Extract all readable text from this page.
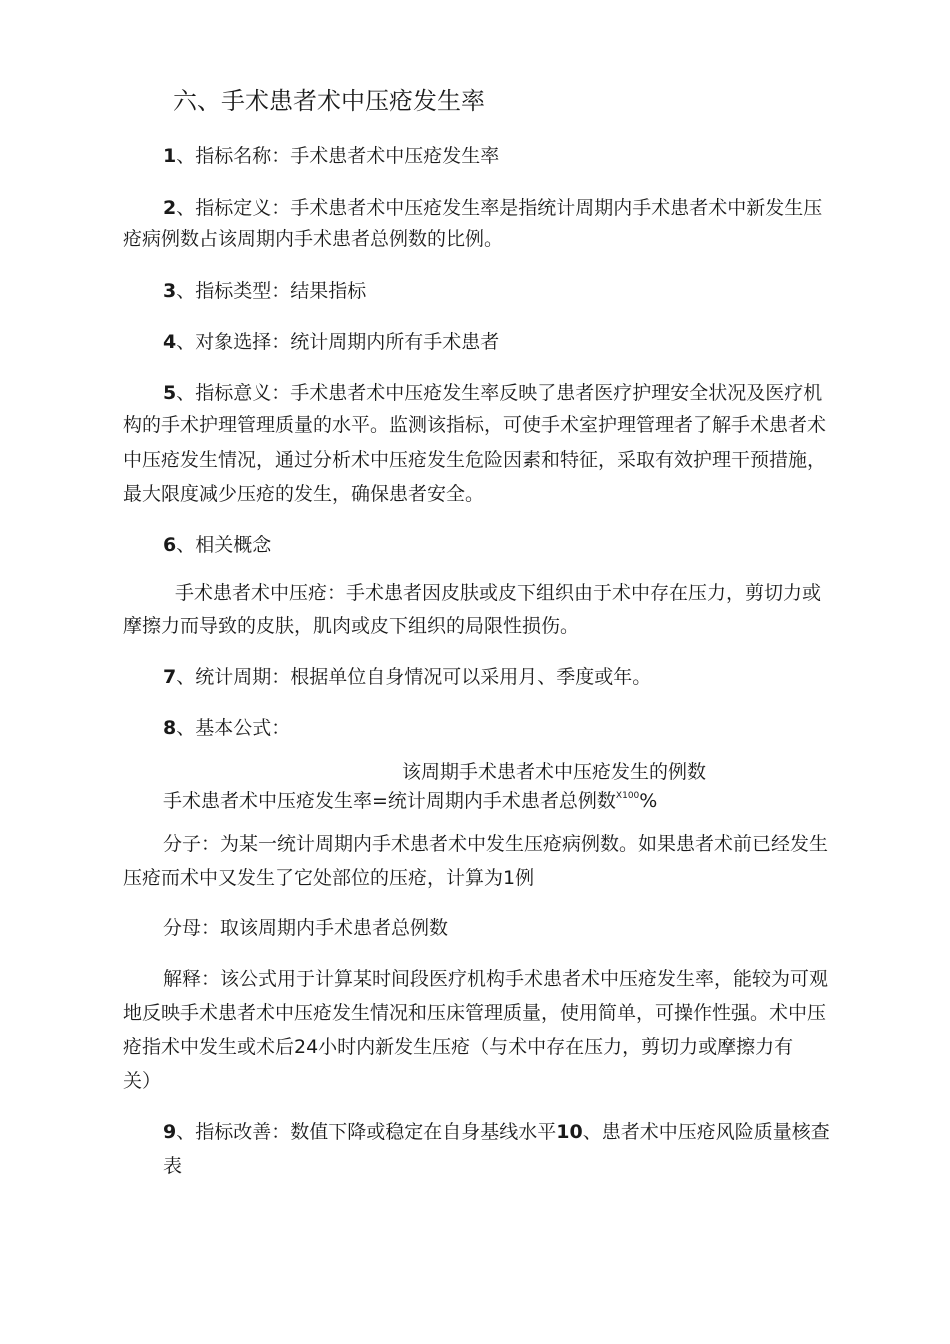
六、手术患者术中压疮发生率
1、指标名称：手术患者术中压疮发生率
2、指标定义：手术患者术中压疮发生率是指统计周期内手术患者术中新发生压
疮病例数占该周期内手术患者总例数的比例。
3、指标类型：结果指标
4、对象选择：统计周期内所有手术患者
5、指标意义：手术患者术中压疮发生率反映了患者医疗护理安全状况及医疗机
构的手术护理管理质量的水平。监测该指标，可使手术室护理管理者了解手术患者术
中压疮发生情况，通过分析术中压疮发生危险因素和特征，采取有效护理干预措施，
最大限度减少压疮的发生，确保患者安全。
6、相关概念
手术患者术中压疮：手术患者因皮肤或皮下组织由于术中存在压力，剪切力或
摩擦力而导致的皮肤，肌肉或皮下组织的局限性损伤。
7、统计周期：根据单位自身情况可以采用月、季度或年。
8、基本公式：
该周期手术患者术中压疮发生的例数
手术患者术中压疮发生率=统计周期内手术患者总例数$^{X100}$%
分子：为某一统计周期内手术患者术中发生压疮病例数。如果患者术前已经发生
压疮而术中又发生了它处部位的压疮，计算为1例
分母：取该周期内手术患者总例数
解释：该公式用于计算某时间段医疗机构手术患者术中压疮发生率，能较为可观
地反映手术患者术中压疮发生情况和压床管理质量，使用简单，可操作性强。术中压
疮指术中发生或术后24小时内新发生压疮（与术中存在压力，剪切力或摩擦力有
关）
9、指标改善：数值下降或稳定在自身基线水平10、患者术中压疮风险质量核查
表
